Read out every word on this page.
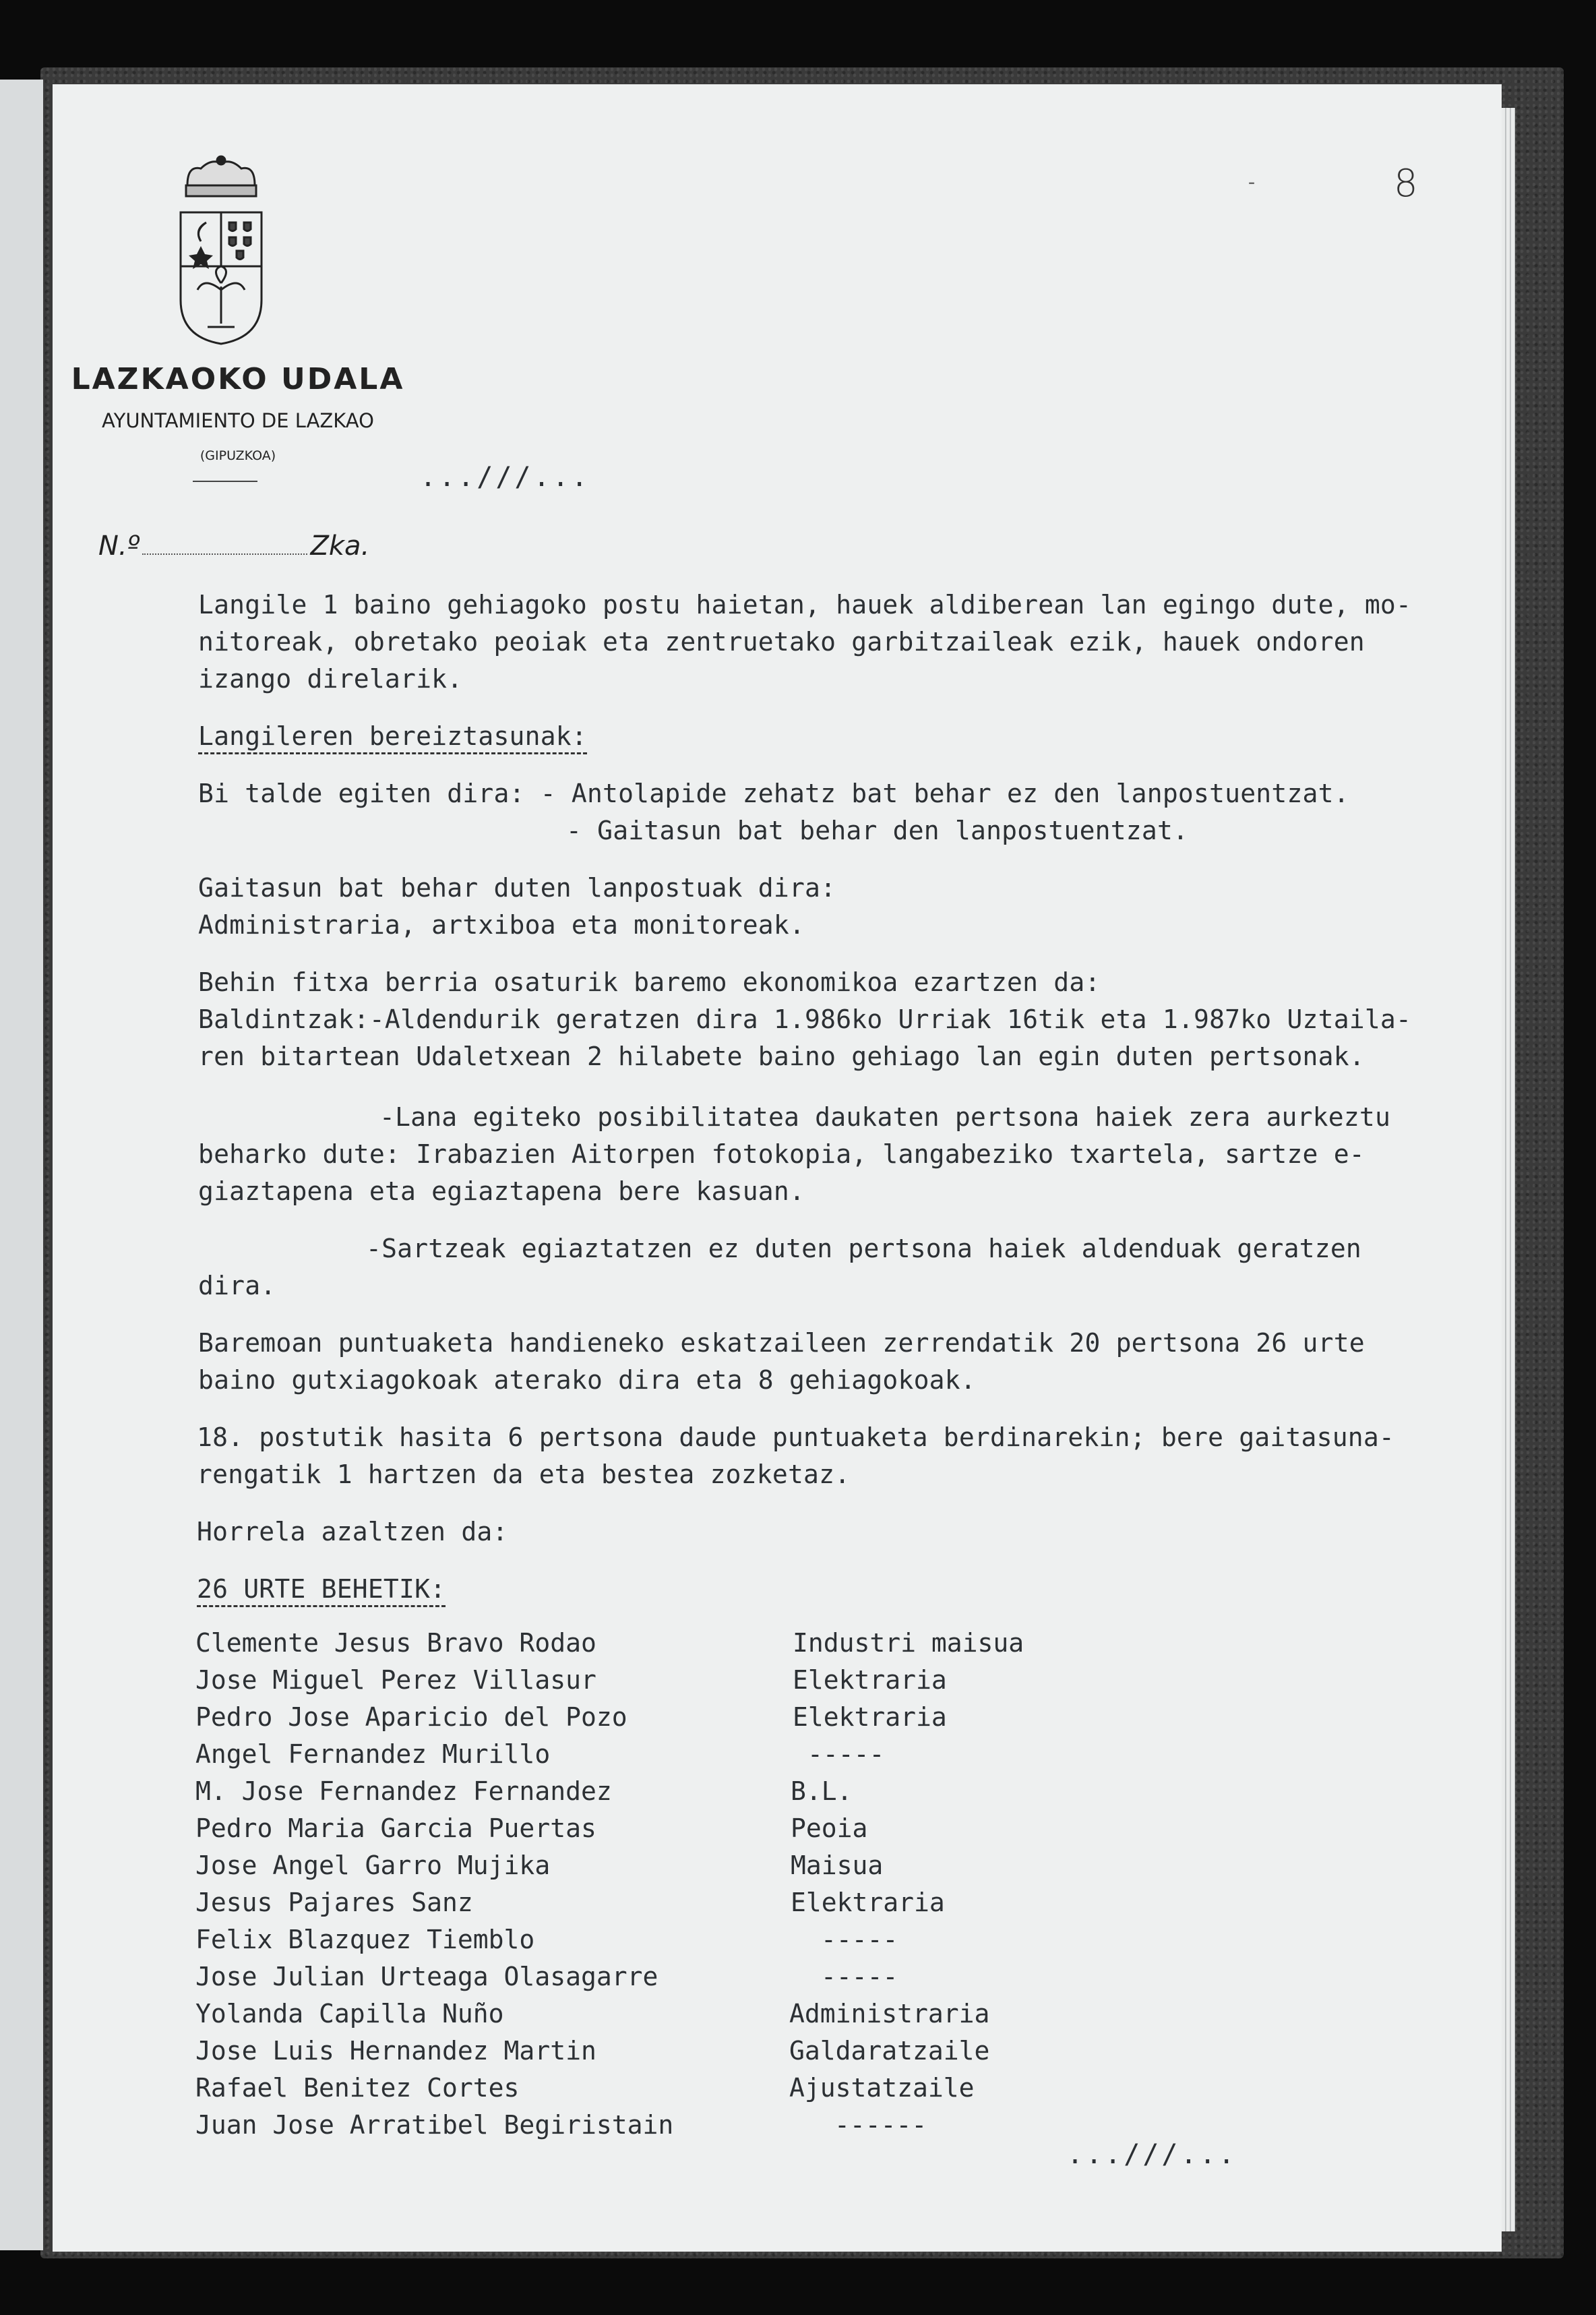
-	8
LAZKAOKO UDALA
AYUNTAMIENTO DE LAZKAO
(GIPUZKOA)
...///...
N.º	Zka.
Langile 1 baino gehiagoko postu haietan, hauek aldiberean lan egingo dute, mo-
nitoreak, obretako peoiak eta zentruetako garbitzaileak ezik, hauek ondoren
izango direlarik.
Langileren bereiztasunak:
Bi talde egiten dira: - Antolapide zehatz bat behar ez den lanpostuentzat.
- Gaitasun bat behar den lanpostuentzat.
Gaitasun bat behar duten lanpostuak dira:
Administraria, artxiboa eta monitoreak.
Behin fitxa berria osaturik baremo ekonomikoa ezartzen da:
Baldintzak:-Aldendurik geratzen dira 1.986ko Urriak 16tik eta 1.987ko Uztaila-
ren bitartean Udaletxean 2 hilabete baino gehiago lan egin duten pertsonak.
-Lana egiteko posibilitatea daukaten pertsona haiek zera aurkeztu
beharko dute: Irabazien Aitorpen fotokopia, langabeziko txartela, sartze e-
giaztapena eta egiaztapena bere kasuan.
-Sartzeak egiaztatzen ez duten pertsona haiek aldenduak geratzen
dira.
Baremoan puntuaketa handieneko eskatzaileen zerrendatik 20 pertsona 26 urte
baino gutxiagokoak aterako dira eta 8 gehiagokoak.
18. postutik hasita 6 pertsona daude puntuaketa berdinarekin; bere gaitasuna-
rengatik 1 hartzen da eta bestea zozketaz.
Horrela azaltzen da:
26 URTE BEHETIK:
Clemente Jesus Bravo Rodao	Industri maisua
Jose Miguel Perez Villasur	Elektraria
Pedro Jose Aparicio del Pozo	Elektraria
Angel Fernandez Murillo	-----
M. Jose Fernandez Fernandez	B.L.
Pedro Maria Garcia Puertas	Peoia
Jose Angel Garro Mujika	Maisua
Jesus Pajares Sanz	Elektraria
Felix Blazquez Tiemblo	-----
Jose Julian Urteaga Olasagarre	-----
Yolanda Capilla Nuño	Administraria
Jose Luis Hernandez Martin	Galdaratzaile
Rafael Benitez Cortes	Ajustatzaile
Juan Jose Arratibel Begiristain	------
...///...
